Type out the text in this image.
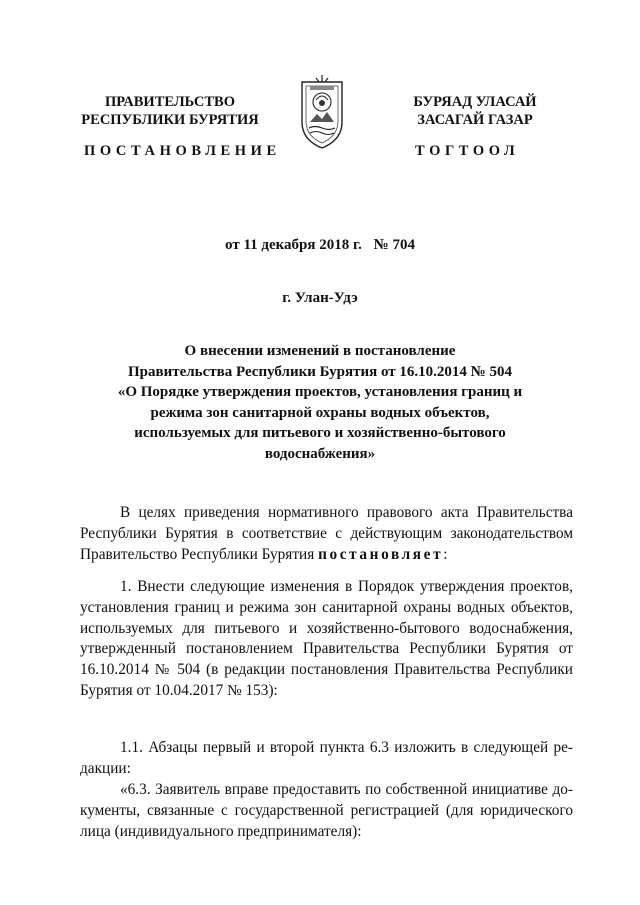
ПРАВИТЕЛЬСТВО
РЕСПУБЛИКИ БУРЯТИЯ
БУРЯАД УЛАСАЙ
ЗАСАГАЙ ГАЗАР
ПОСТАНОВЛЕНИЕ	ТОГТООЛ
от 11 декабря 2018 г. № 704
г. Улан-Удэ
О внесении изменений в постановление
Правительства Республики Бурятия от 16.10.2014 № 504
«О Порядке утверждения проектов, установления границ и
режима зон санитарной охраны водных объектов,
используемых для питьевого и хозяйственно-бытового
водоснабжения»
В целях приведения нормативного правового акта Правительства
Республики Бурятия в соответствие с действующим законодательством
Правительство Республики Бурятия постановляет:
1. Внести следующие изменения в Порядок утверждения проектов,
установления границ и режима зон санитарной охраны водных объектов,
используемых для питьевого и хозяйственно-бытового водоснабжения,
утвержденный постановлением Правительства Республики Бурятия от
16.10.2014 № 504 (в редакции постановления Правительства Республики
Бурятия от 10.04.2017 № 153):
1.1. Абзацы первый и второй пункта 6.3 изложить в следующей ре-
дакции:
«6.3. Заявитель вправе предоставить по собственной инициативе до-
кументы, связанные с государственной регистрацией (для юридического
лица (индивидуального предпринимателя):
